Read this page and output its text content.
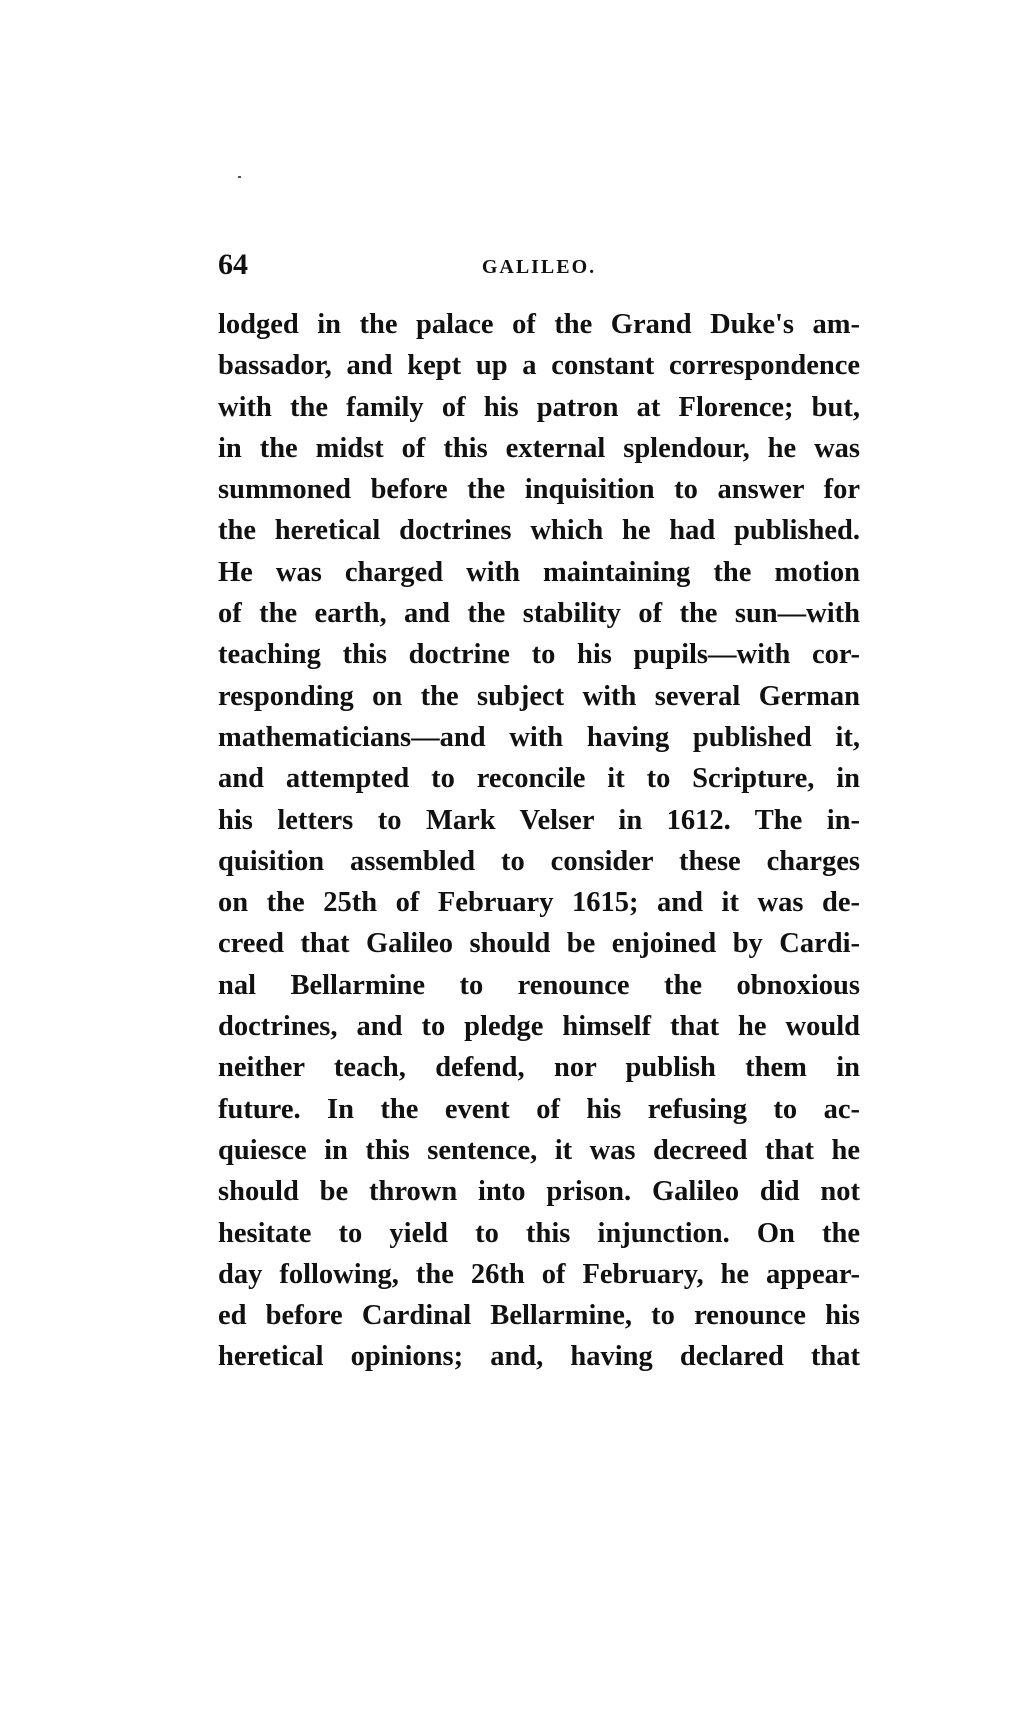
64	GALILEO.
lodged in the palace of the Grand Duke's am-
bassador, and kept up a constant correspondence
with the family of his patron at Florence; but,
in the midst of this external splendour, he was
summoned before the inquisition to answer for
the heretical doctrines which he had published.
He was charged with maintaining the motion
of the earth, and the stability of the sun—with
teaching this doctrine to his pupils—with cor-
responding on the subject with several German
mathematicians—and with having published it,
and attempted to reconcile it to Scripture, in
his letters to Mark Velser in 1612. The in-
quisition assembled to consider these charges
on the 25th of February 1615; and it was de-
creed that Galileo should be enjoined by Cardi-
nal Bellarmine to renounce the obnoxious
doctrines, and to pledge himself that he would
neither teach, defend, nor publish them in
future. In the event of his refusing to ac-
quiesce in this sentence, it was decreed that he
should be thrown into prison. Galileo did not
hesitate to yield to this injunction. On the
day following, the 26th of February, he appear-
ed before Cardinal Bellarmine, to renounce his
heretical opinions; and, having declared that
